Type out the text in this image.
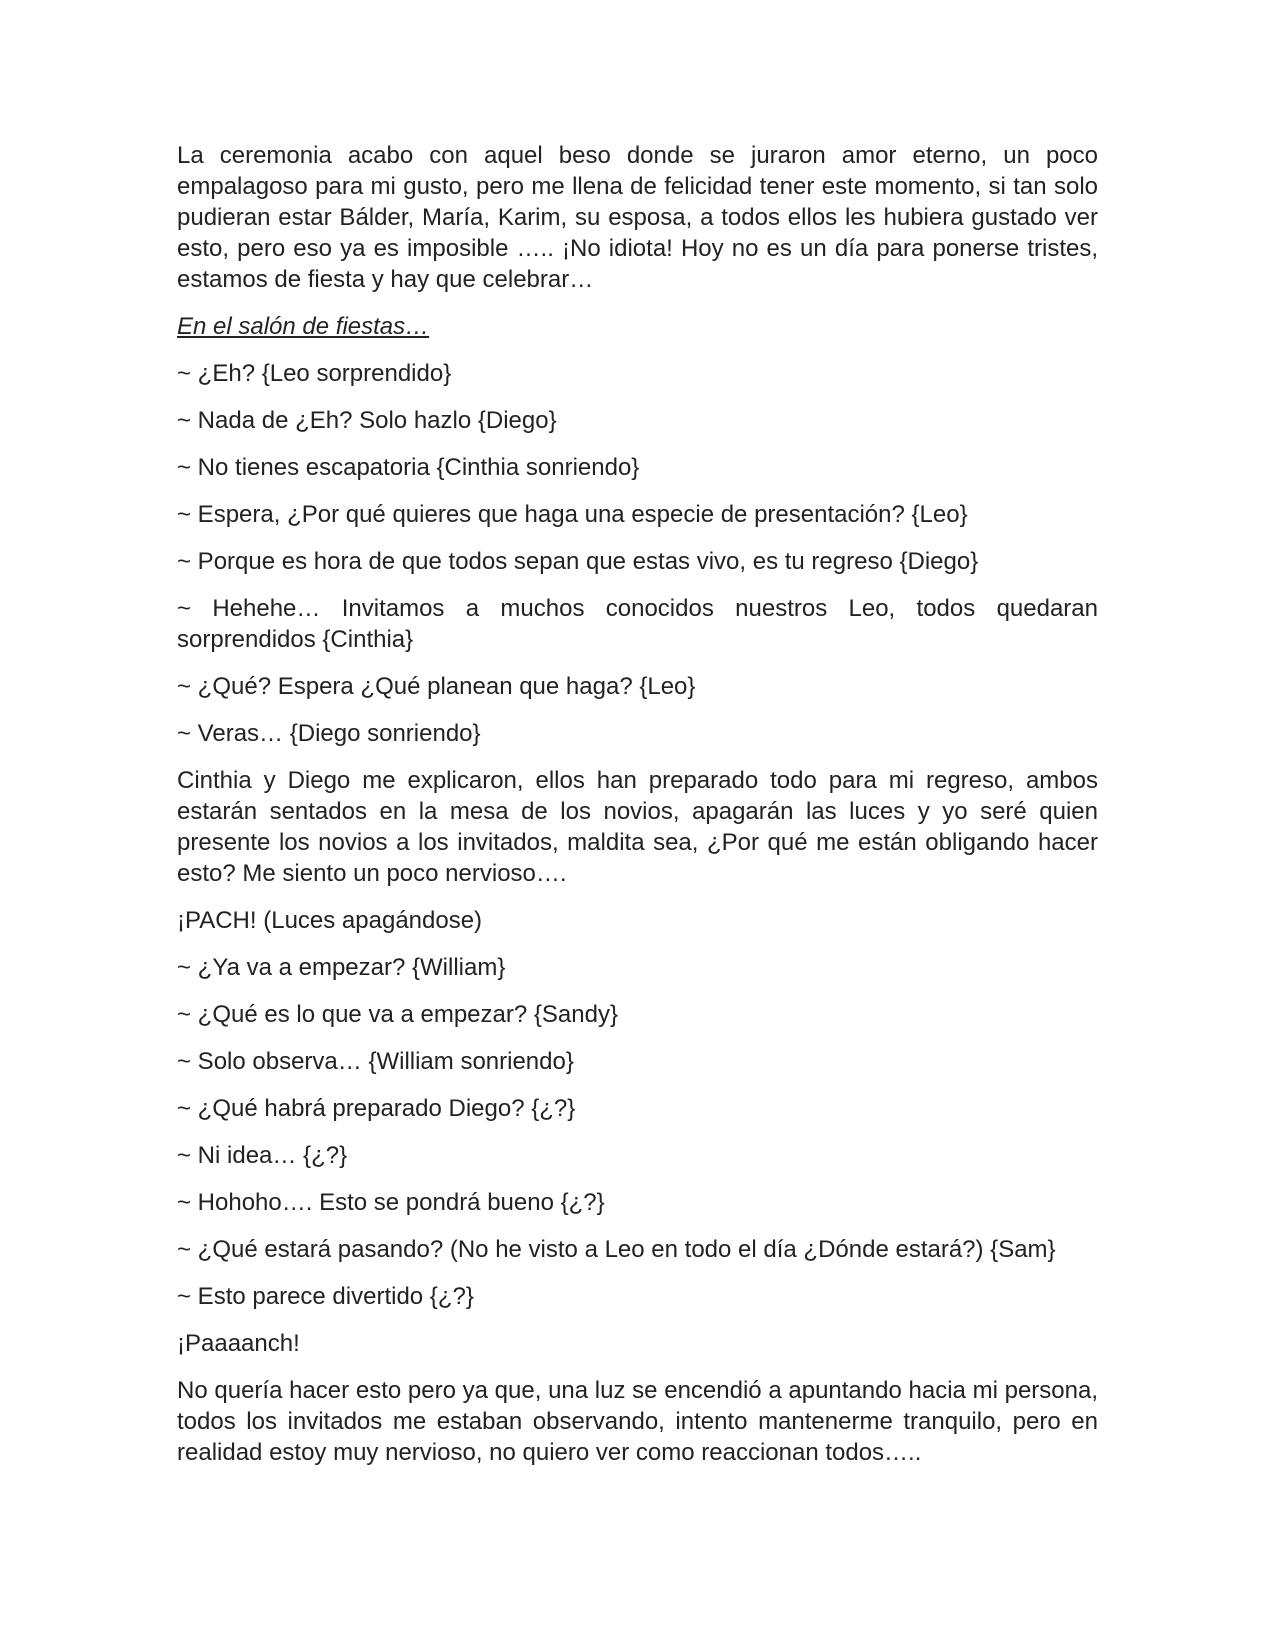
La ceremonia acabo con aquel beso donde se juraron amor eterno, un poco empalagoso para mi gusto, pero me llena de felicidad tener este momento, si tan solo pudieran estar Bálder, María, Karim, su esposa, a todos ellos les hubiera gustado ver esto, pero eso ya es imposible ….. ¡No idiota! Hoy no es un día para ponerse tristes, estamos de fiesta y hay que celebrar…

En el salón de fiestas…

~ ¿Eh? {Leo sorprendido}

~ Nada de ¿Eh? Solo hazlo {Diego}

~ No tienes escapatoria {Cinthia sonriendo}

~ Espera, ¿Por qué quieres que haga una especie de presentación? {Leo}

~ Porque es hora de que todos sepan que estas vivo, es tu regreso {Diego}

~ Hehehe… Invitamos a muchos conocidos nuestros Leo, todos quedaran sorprendidos {Cinthia}

~ ¿Qué? Espera ¿Qué planean que haga? {Leo}

~ Veras… {Diego sonriendo}

Cinthia y Diego me explicaron, ellos han preparado todo para mi regreso, ambos estarán sentados en la mesa de los novios, apagarán las luces y yo seré quien presente los novios a los invitados, maldita sea, ¿Por qué me están obligando hacer esto? Me siento un poco nervioso….

¡PACH! (Luces apagándose)

~ ¿Ya va a empezar? {William}

~ ¿Qué es lo que va a empezar? {Sandy}

~ Solo observa… {William sonriendo}

~ ¿Qué habrá preparado Diego? {¿?}

~ Ni idea… {¿?}

~ Hohoho…. Esto se pondrá bueno {¿?}

~ ¿Qué estará pasando? (No he visto a Leo en todo el día ¿Dónde estará?) {Sam}

~ Esto parece divertido {¿?}

¡Paaaanch!

No quería hacer esto pero ya que, una luz se encendió a apuntando hacia mi persona, todos los invitados me estaban observando, intento mantenerme tranquilo, pero en realidad estoy muy nervioso, no quiero ver como reaccionan todos…..
